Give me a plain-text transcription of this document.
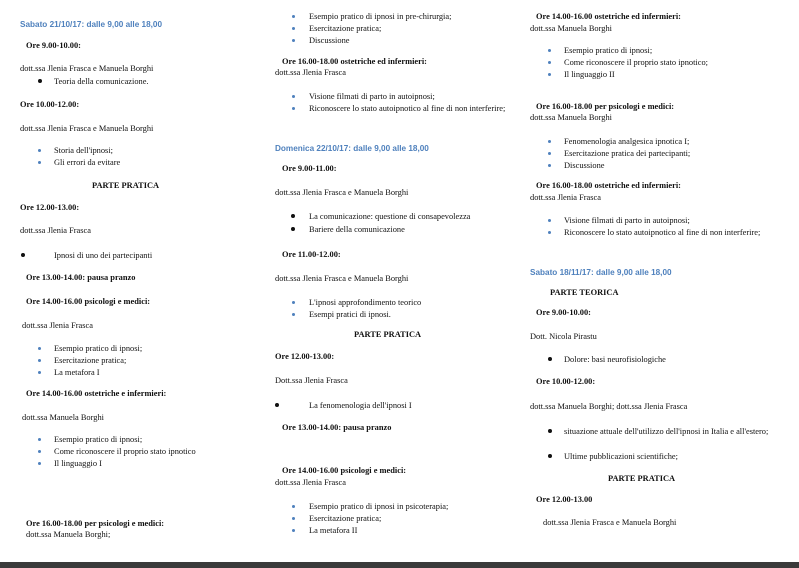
Sabato 21/10/17: dalle 9,00 alle 18,00
Ore 9.00-10.00:
dott.ssa Jlenia Frasca e Manuela Borghi
Teoria della comunicazione.
Ore 10.00-12.00:
dott.ssa Jlenia Frasca e Manuela Borghi
Storia dell'ipnosi;
Gli errori da evitare
PARTE PRATICA
Ore 12.00-13.00:
dott.ssa Jlenia Frasca
Ipnosi di uno dei partecipanti
Ore 13.00-14.00: pausa pranzo
Ore 14.00-16.00 psicologi e medici:
dott.ssa Jlenia Frasca
Esempio pratico di ipnosi;
Esercitazione pratica;
La metafora I
Ore 14.00-16.00 ostetriche e infermieri:
dott.ssa Manuela Borghi
Esempio pratico di ipnosi;
Come riconoscere il proprio stato ipnotico
Il linguaggio I
Ore 16.00-18.00 per psicologi e medici:
dott.ssa Manuela Borghi;
Esempio pratico di ipnosi in pre-chirurgia;
Esercitazione pratica;
Discussione
Ore 16.00-18.00 ostetriche ed infermieri:
dott.ssa Jlenia Frasca
Visione filmati di parto in autoipnosi;
Riconoscere lo stato autoipnotico al fine di non interferire;
Domenica 22/10/17: dalle 9,00 alle 18,00
Ore 9.00-11.00:
dott.ssa Jlenia Frasca e Manuela Borghi
La comunicazione: questione di consapevolezza
Bariere della comunicazione
Ore 11.00-12.00:
dott.ssa Jlenia Frasca e Manuela Borghi
L'ipnosi approfondimento teorico
Esempi pratici di ipnosi.
PARTE PRATICA
Ore 12.00-13.00:
Dott.ssa Jlenia Frasca
La fenomenologia dell'ipnosi I
Ore 13.00-14.00: pausa pranzo
Ore 14.00-16.00 psicologi e medici:
dott.ssa Jlenia Frasca
Esempio pratico di ipnosi in psicoterapia;
Esercitazione pratica;
La metafora II
Ore 14.00-16.00 ostetriche ed infermieri:
dott.ssa Manuela Borghi
Esempio pratico di ipnosi;
Come riconoscere il proprio stato ipnotico;
Il linguaggio II
Ore 16.00-18.00 per psicologi e medici:
dott.ssa Manuela Borghi
Fenomenologia analgesica ipnotica I;
Esercitazione pratica dei partecipanti;
Discussione
Ore 16.00-18.00 ostetriche ed infermieri:
dott.ssa Jlenia Frasca
Visione filmati di parto in autoipnosi;
Riconoscere lo stato autoipnotico al fine di non interferire;
Sabato 18/11/17: dalle 9,00 alle 18,00
PARTE TEORICA
Ore 9.00-10.00:
Dott. Nicola Pirastu
Dolore: basi neurofisiologiche
Ore 10.00-12.00:
dott.ssa Manuela Borghi; dott.ssa Jlenia Frasca
situazione attuale dell'utilizzo dell'ipnosi in Italia e all'estero;
Ultime pubblicazioni scientifiche;
PARTE PRATICA
Ore 12.00-13.00
dott.ssa Jlenia Frasca e Manuela Borghi
